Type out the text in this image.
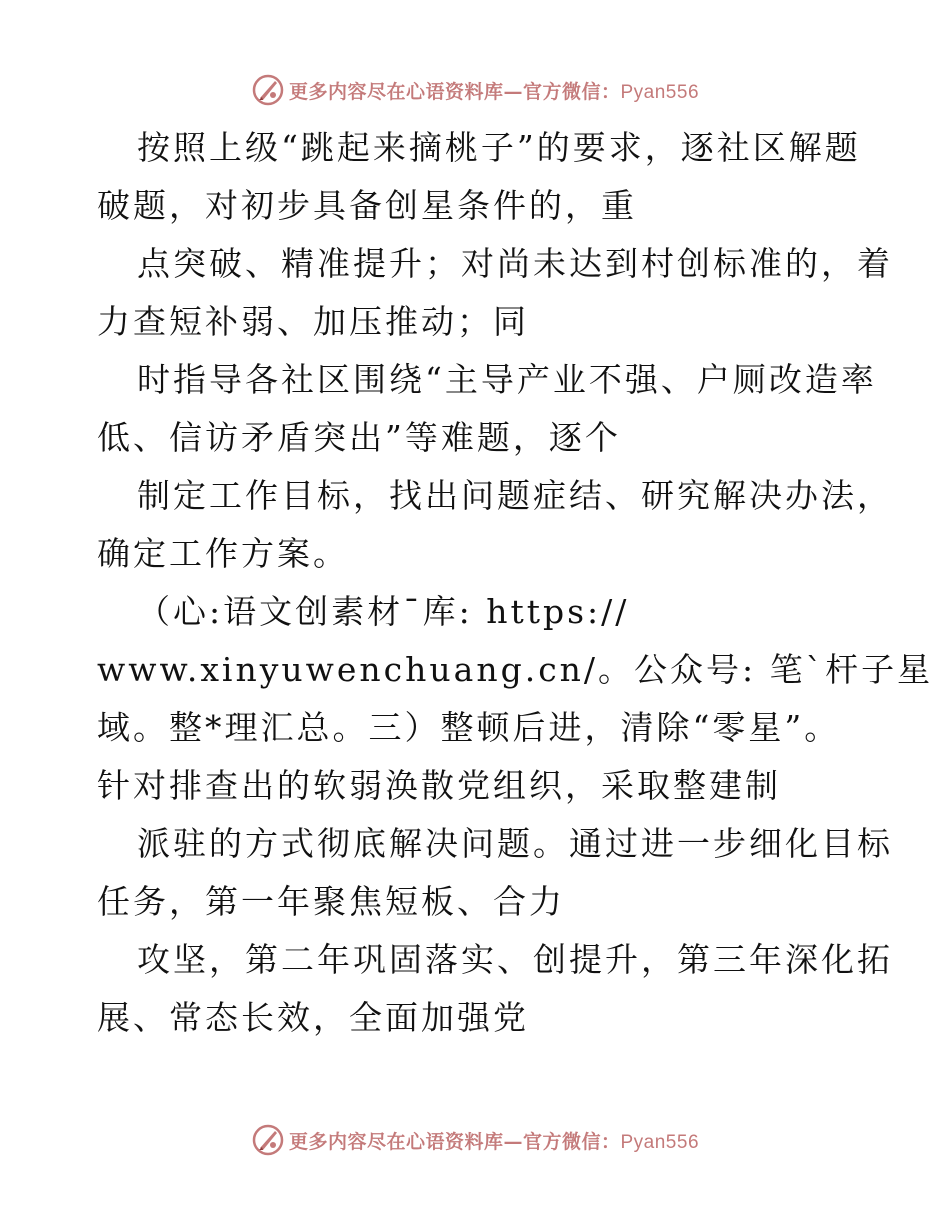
更多内容尽在心语资料库—官方微信：Pyan556
按照上级“跳起来摘桃子”的要求，逐社区解题
破题，对初步具备创星条件的，重
点突破、精准提升；对尚未达到村创标准的，着
力查短补弱、加压推动；同
时指导各社区围绕“主导产业不强、户厕改造率
低、信访矛盾突出”等难题，逐个
制定工作目标，找出问题症结、研究解决办法，
确定工作方案。
（心:语文创素材¯库: https://
www.xinyuwenchuang.cn/。公众号: 笔`杆子星
域。整*理汇总。三）整顿后进，清除“零星”。
针对排查出的软弱涣散党组织，采取整建制
派驻的方式彻底解决问题。通过进一步细化目标
任务，第一年聚焦短板、合力
攻坚，第二年巩固落实、创提升，第三年深化拓
展、常态长效，全面加强党
更多内容尽在心语资料库—官方微信：Pyan556
